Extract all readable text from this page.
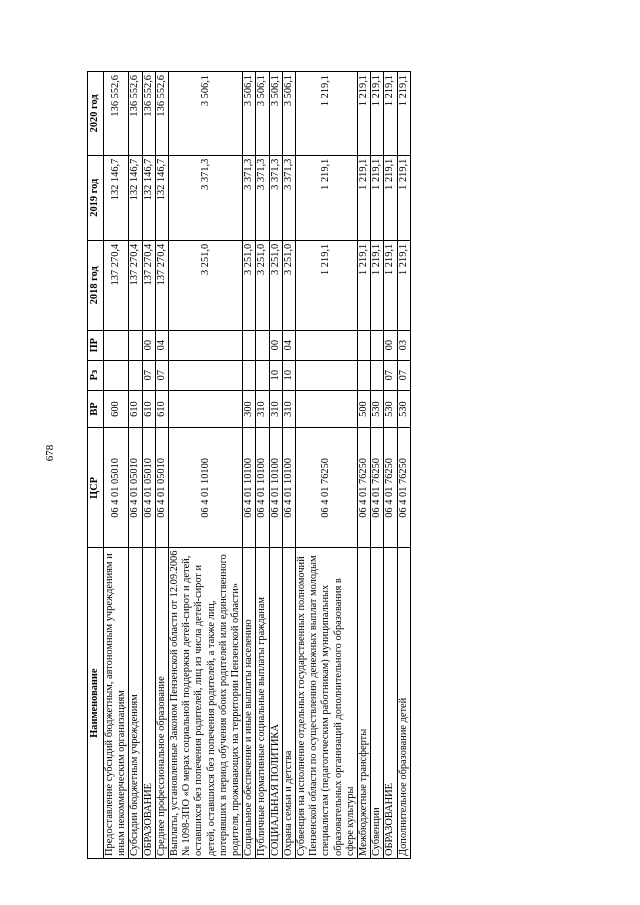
678
Наименование	ЦСР	ВР	Рз	ПР	2018 год	2019 год	2020 год
Предоставление субсидий бюджетным, автономным учреждениям и иным некоммерческим организациям	06 4 01 05010	600			137 270,4	132 146,7	136 552,6
Субсидии бюджетным учреждениям	06 4 01 05010	610			137 270,4	132 146,7	136 552,6
ОБРАЗОВАНИЕ	06 4 01 05010	610	07	00	137 270,4	132 146,7	136 552,6
Среднее профессиональное образование	06 4 01 05010	610	07	04	137 270,4	132 146,7	136 552,6
Выплаты, установленные Законом Пензенской области от 12.09.2006 № 1098-ЗПО «О мерах социальной поддержки детей-сирот и детей, оставшихся без попечения родителей, лиц из числа детей-сирот и детей, оставшихся без попечения родителей, а также лиц, потерявших в период обучения обоих родителей или единственного родителя, проживающих на территории Пензенской области»	06 4 01 10100				3 251,0	3 371,3	3 506,1
Социальное обеспечение и иные выплаты населению	06 4 01 10100	300			3 251,0	3 371,3	3 506,1
Публичные нормативные социальные выплаты гражданам	06 4 01 10100	310			3 251,0	3 371,3	3 506,1
СОЦИАЛЬНАЯ ПОЛИТИКА	06 4 01 10100	310	10	00	3 251,0	3 371,3	3 506,1
Охрана семьи и детства	06 4 01 10100	310	10	04	3 251,0	3 371,3	3 506,1
Субвенция на исполнение отдельных государственных полномочий Пензенской области по осуществлению денежных выплат молодым специалистам (педагогическим работникам) муниципальных образовательных организаций дополнительного образования в сфере культуры	06 4 01 76250				1 219,1	1 219,1	1 219,1
Межбюджетные трансферты	06 4 01 76250	500			1 219,1	1 219,1	1 219,1
Субвенции	06 4 01 76250	530			1 219,1	1 219,1	1 219,1
ОБРАЗОВАНИЕ	06 4 01 76250	530	07	00	1 219,1	1 219,1	1 219,1
Дополнительное образование детей	06 4 01 76250	530	07	03	1 219,1	1 219,1	1 219,1
